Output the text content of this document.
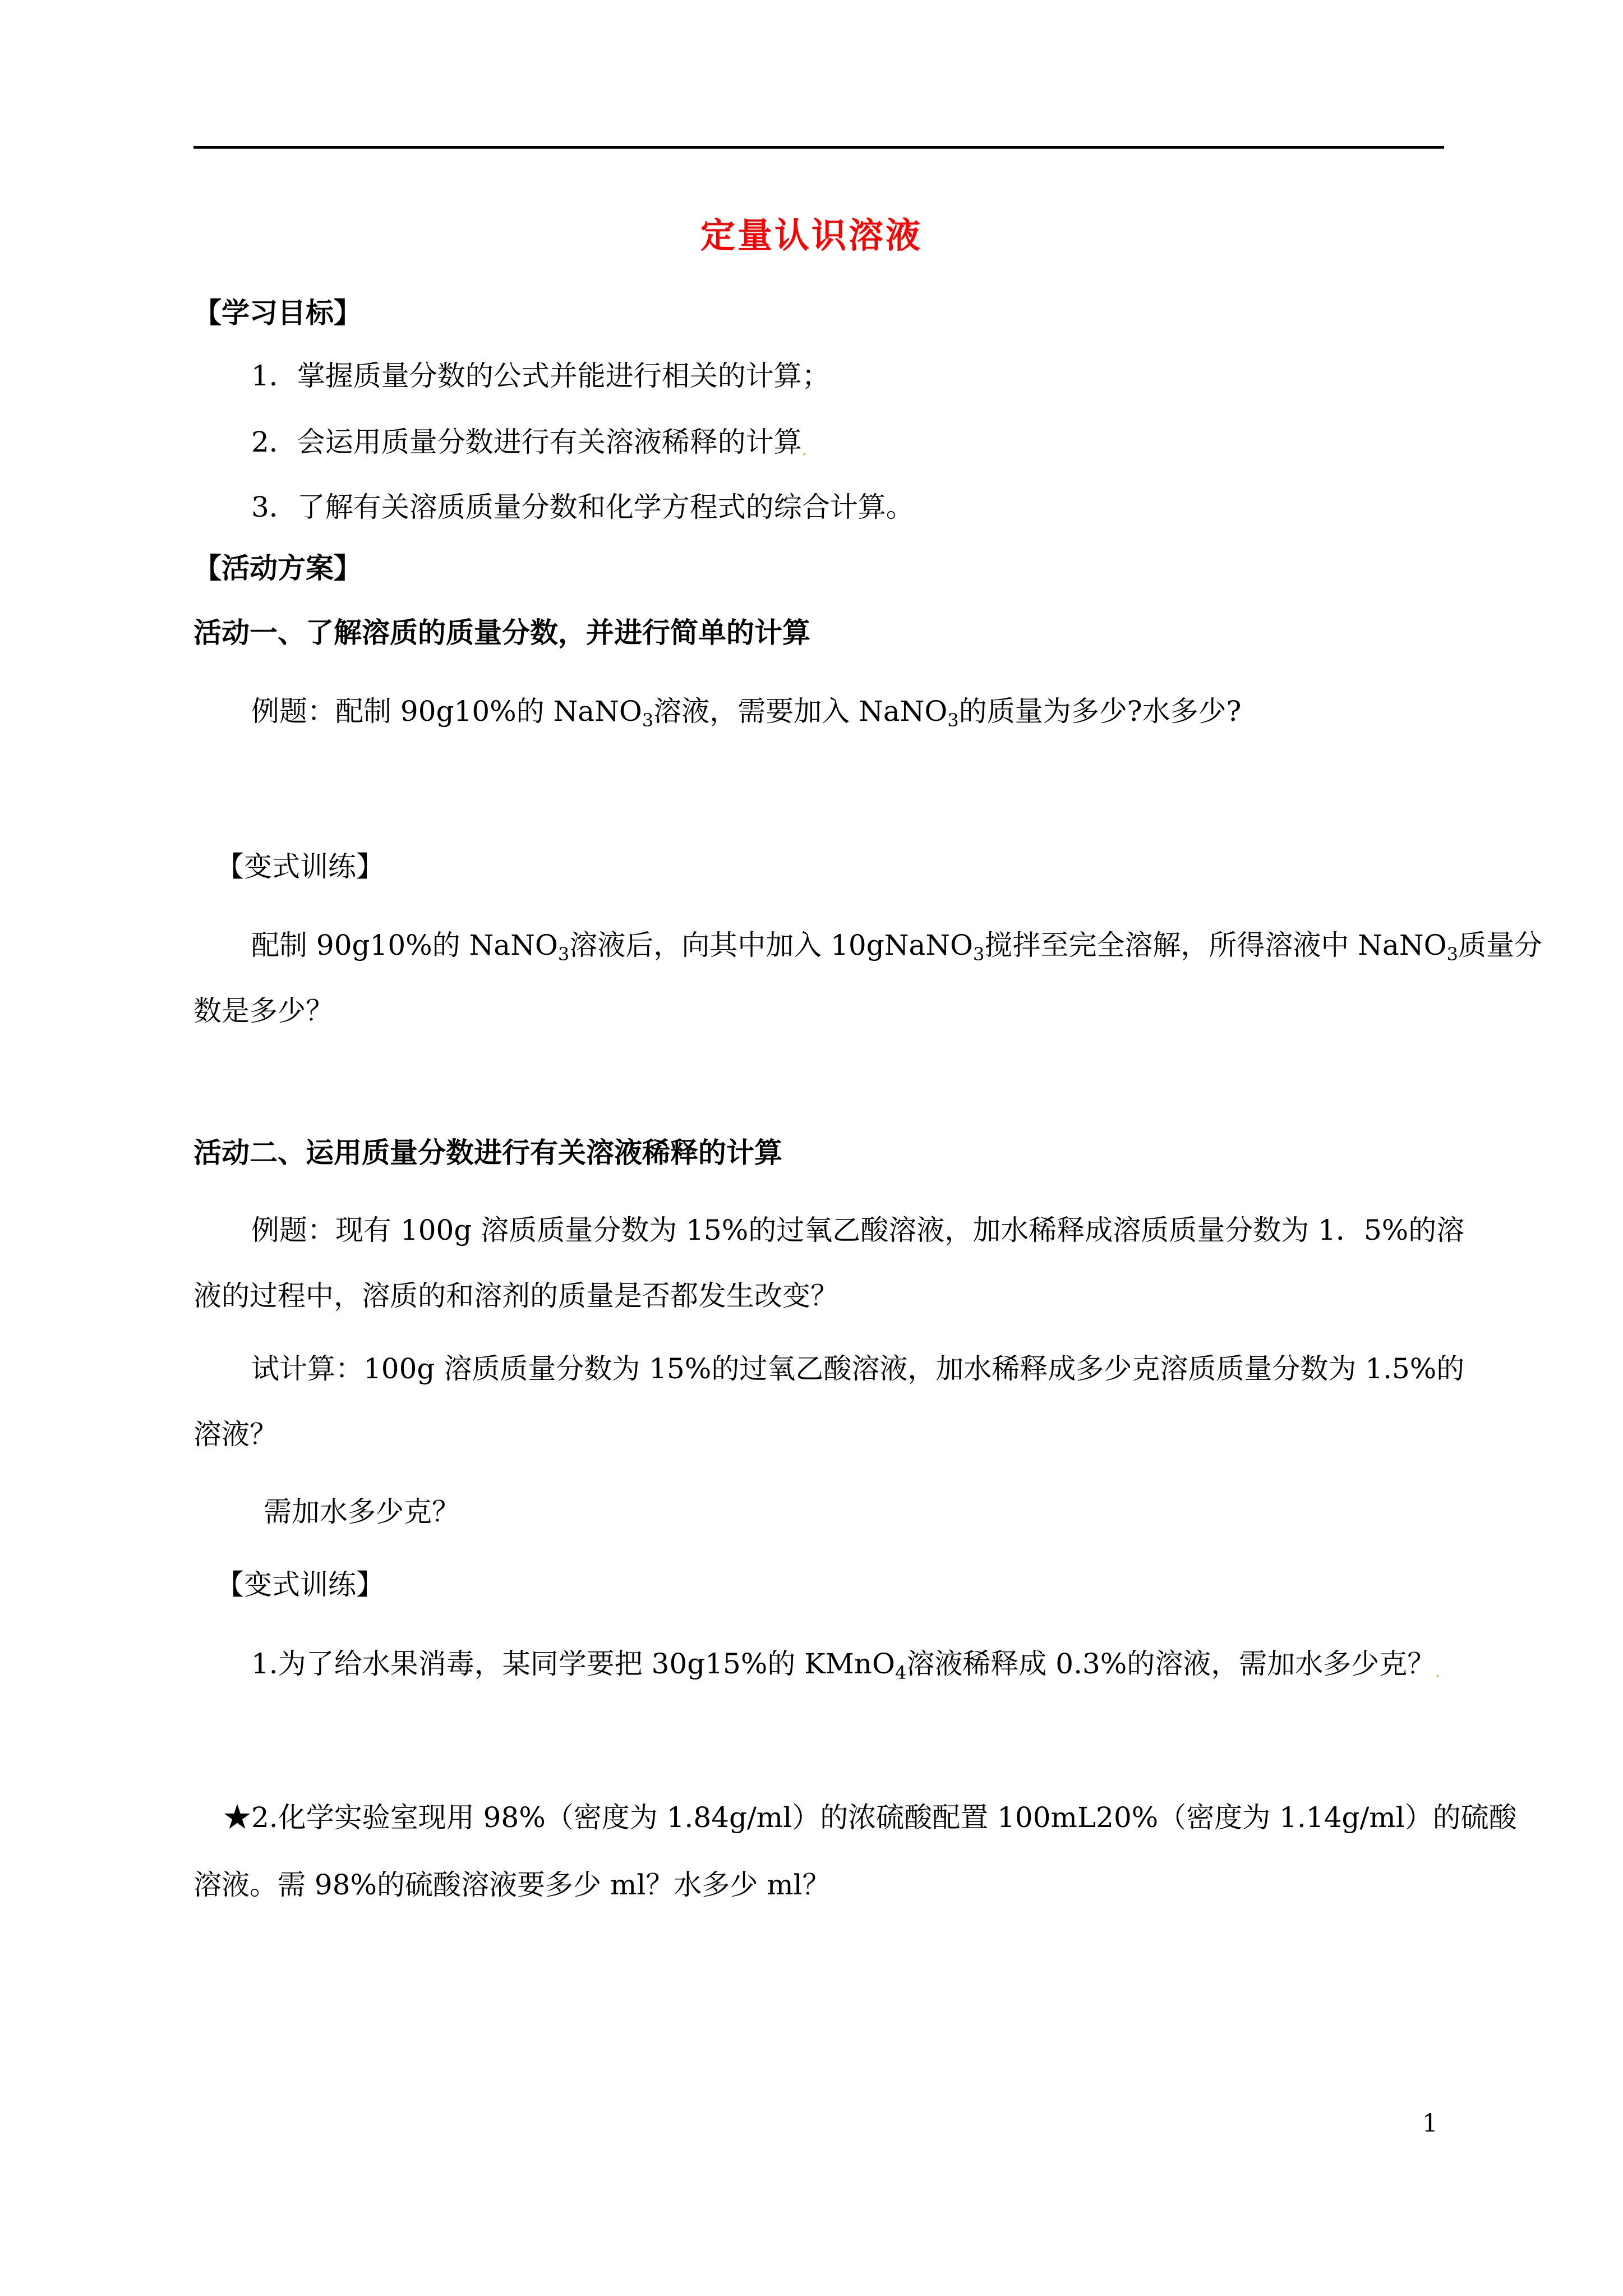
定量认识溶液
【学习目标】
1．掌握质量分数的公式并能进行相关的计算；
2．会运用质量分数进行有关溶液稀释的计算.
3．了解有关溶质质量分数和化学方程式的综合计算。
【活动方案】
活动一、了解溶质的质量分数，并进行简单的计算
例题：配制 90g10%的 NaNO$_3$溶液，需要加入 NaNO$_3$的质量为多少?水多少?
【变式训练】
配制 90g10%的 NaNO$_3$溶液后，向其中加入 10gNaNO$_3$搅拌至完全溶解，所得溶液中 NaNO$_3$质量分
数是多少？
活动二、运用质量分数进行有关溶液稀释的计算
例题：现有 100g 溶质质量分数为 15%的过氧乙酸溶液，加水稀释成溶质质量分数为 1．5%的溶
液的过程中，溶质的和溶剂的质量是否都发生改变？
试计算：100g 溶质质量分数为 15%的过氧乙酸溶液，加水稀释成多少克溶质质量分数为 1.5%的
溶液？
需加水多少克？
【变式训练】
1.为了给水果消毒，某同学要把 30g15%的 KMnO$_4$溶液稀释成 0.3%的溶液，需加水多少克？.
★2.化学实验室现用 98%（密度为 1.84g/ml）的浓硫酸配置 100mL20%（密度为 1.14g/ml）的硫酸
溶液。需 98%的硫酸溶液要多少 ml？水多少 ml？
1
